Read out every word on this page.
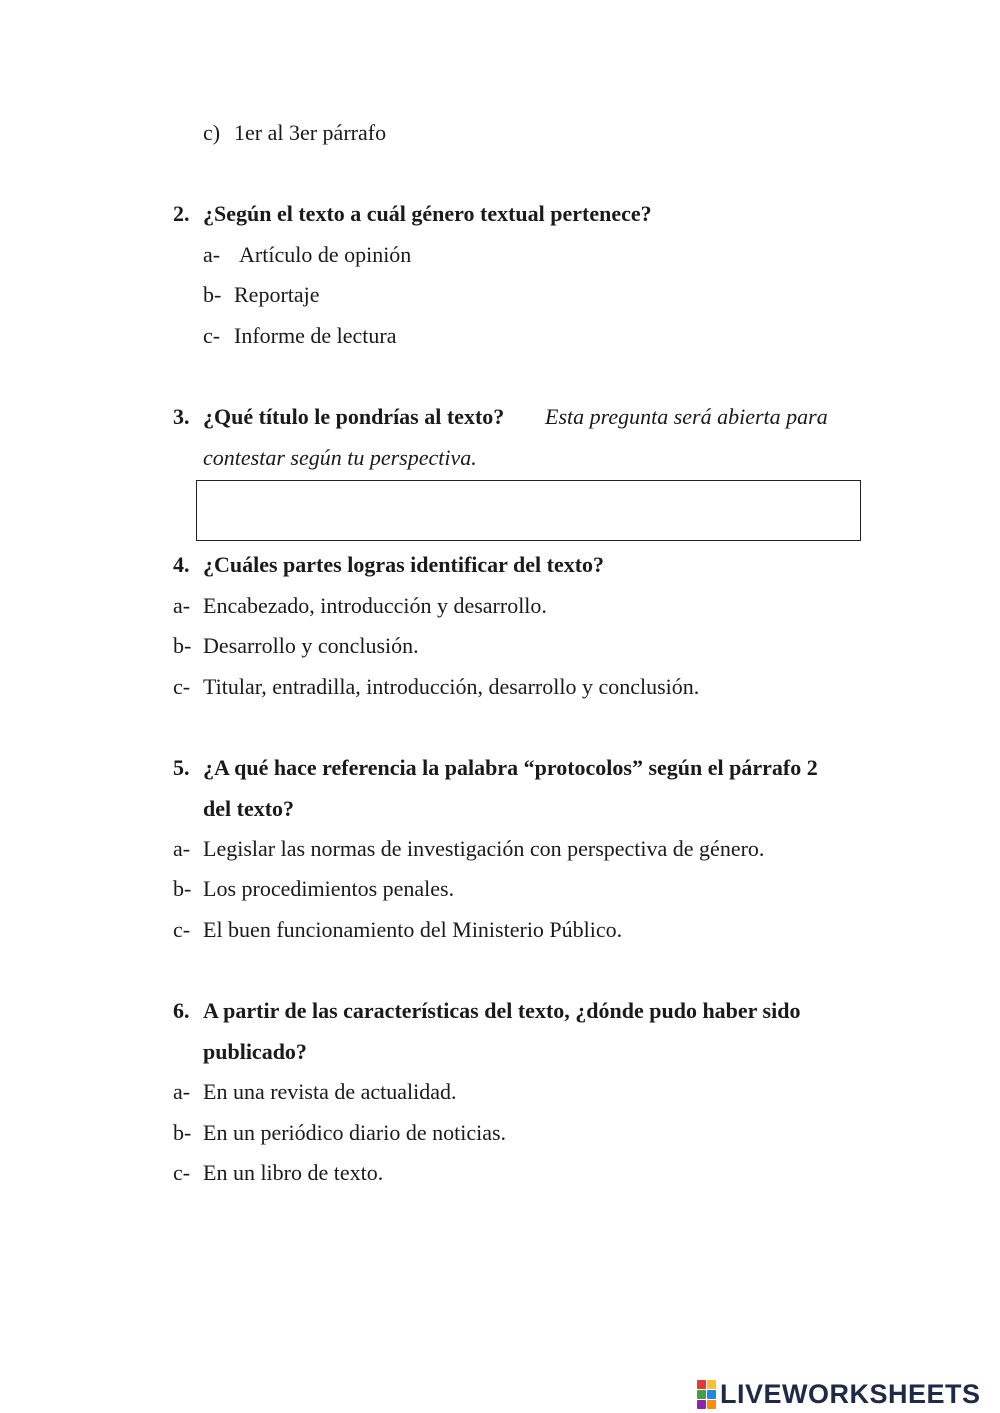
c) 1er al 3er párrafo
2. ¿Según el texto a cuál género textual pertenece?
a- Artículo de opinión
b- Reportaje
c- Informe de lectura
3. ¿Qué título le pondrías al texto? Esta pregunta será abierta para
contestar según tu perspectiva.
4. ¿Cuáles partes logras identificar del texto?
a- Encabezado, introducción y desarrollo.
b- Desarrollo y conclusión.
c- Titular, entradilla, introducción, desarrollo y conclusión.
5. ¿A qué hace referencia la palabra “protocolos” según el párrafo 2
del texto?
a- Legislar las normas de investigación con perspectiva de género.
b- Los procedimientos penales.
c- El buen funcionamiento del Ministerio Público.
6. A partir de las características del texto, ¿dónde pudo haber sido
publicado?
a- En una revista de actualidad.
b- En un periódico diario de noticias.
c- En un libro de texto.
LIVEWORKSHEETS
